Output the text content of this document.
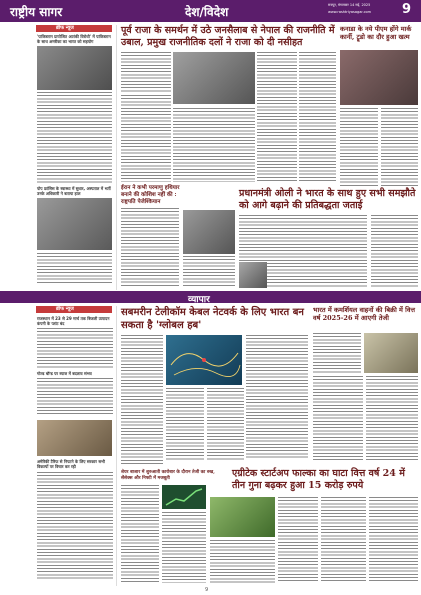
राष्ट्रीय सागर	देश/विदेश	रायपुर, मंगलवार 14 मई, 2025
www.rashtriyasagar.com 9
ब्रीफ न्यूज
'पाकिस्तान प्रायोजित आतंकी विरोधी' में पाकिस्तान के साथ अमरीका का भारत को सहयोग
पोप फ्रांसिस के स्वास्थ्य में सुधार, अस्पताल में भर्ती उनके अधिकारी ने बताया हाल
पूर्व राजा के समर्थन में उठे जनसैलाब से नेपाल की राजनीति में उबाल, प्रमुख राजनीतिक दलों ने राजा को दी नसीहत
ईरान ने कभी परमाणु हथियार बनाने की कोशिश नहीं की : राष्ट्रपति पेजेश्कियान
प्रधानमंत्री ओली ने भारत के साथ हुए सभी समझौते को आगे बढ़ाने की प्रतिबद्धता जताई
कनाडा के नये पीएम होंगे मार्क कार्नी, ट्रूडो का दौर हुआ खत्म
व्यापार
ब्रीफ न्यूज
राजस्थान में 23 से 29 मार्च तक बिजली उत्पादन कंपनी के प्लांट बंद
गोल्ड बॉन्ड पर ब्याज में बदलाव संभव
अमेरिकी टैरिफ से निपटने के लिए सरकार सभी विकल्पों पर विचार कर रही
सबमरीन टेलीकॉम केबल नेटवर्क के लिए भारत बन सकता है 'ग्लोबल हब'
शेयर बाजार में शुरुआती कारोबार के दौरान तेजी का रुख, सेंसेक्स और निफ्टी में मजबूती	एग्रीटेक स्टार्टअप फाल्का का घाटा वित्त वर्ष 24 में तीन गुना बढ़कर हुआ 15 करोड़ रुपये
भारत में कमर्शियल वाहनों की बिक्री में वित्त वर्ष 2025-26 में आएगी तेजी
9
